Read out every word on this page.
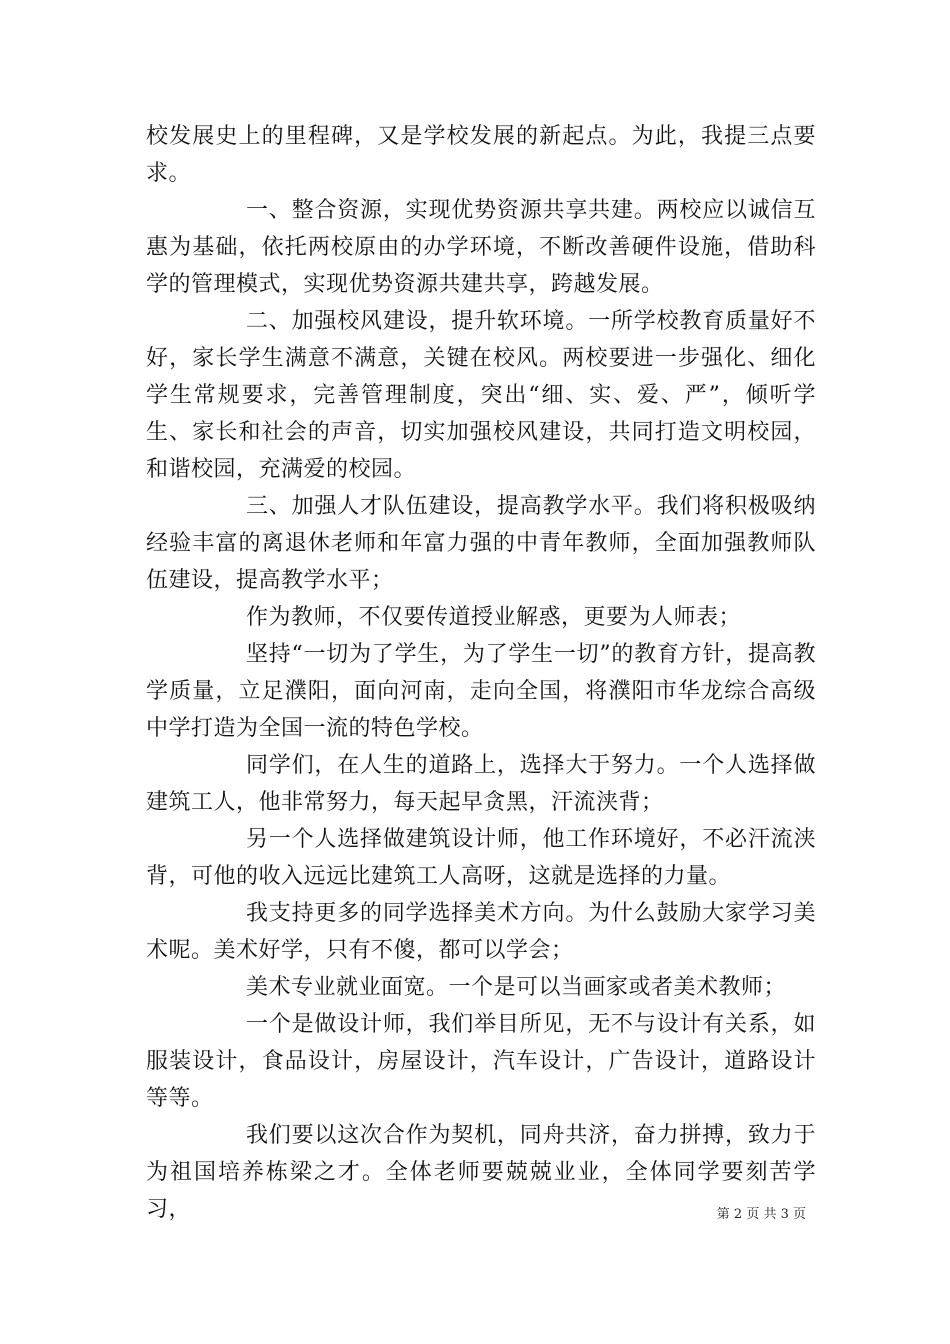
校发展史上的里程碑，又是学校发展的新起点。为此，我提三点要求。

一、整合资源，实现优势资源共享共建。两校应以诚信互惠为基础，依托两校原由的办学环境，不断改善硬件设施，借助科学的管理模式，实现优势资源共建共享，跨越发展。

二、加强校风建设，提升软环境。一所学校教育质量好不好，家长学生满意不满意，关键在校风。两校要进一步强化、细化学生常规要求，完善管理制度，突出“细、实、爱、严”，倾听学生、家长和社会的声音，切实加强校风建设，共同打造文明校园，和谐校园，充满爱的校园。

三、加强人才队伍建设，提高教学水平。我们将积极吸纳经验丰富的离退休老师和年富力强的中青年教师，全面加强教师队伍建设，提高教学水平；

作为教师，不仅要传道授业解惑，更要为人师表；

坚持“一切为了学生，为了学生一切”的教育方针，提高教学质量，立足濮阳，面向河南，走向全国，将濮阳市华龙综合高级中学打造为全国一流的特色学校。

同学们，在人生的道路上，选择大于努力。一个人选择做建筑工人，他非常努力，每天起早贪黑，汗流浃背；

另一个人选择做建筑设计师，他工作环境好，不必汗流浃背，可他的收入远远比建筑工人高呀，这就是选择的力量。

我支持更多的同学选择美术方向。为什么鼓励大家学习美术呢。美术好学，只有不傻，都可以学会；

美术专业就业面宽。一个是可以当画家或者美术教师；

一个是做设计师，我们举目所见，无不与设计有关系，如服装设计，食品设计，房屋设计，汽车设计，广告设计，道路设计等等。

我们要以这次合作为契机，同舟共济，奋力拼搏，致力于为祖国培养栋梁之才。全体老师要兢兢业业，全体同学要刻苦学习，	第 2 页 共 3 页
